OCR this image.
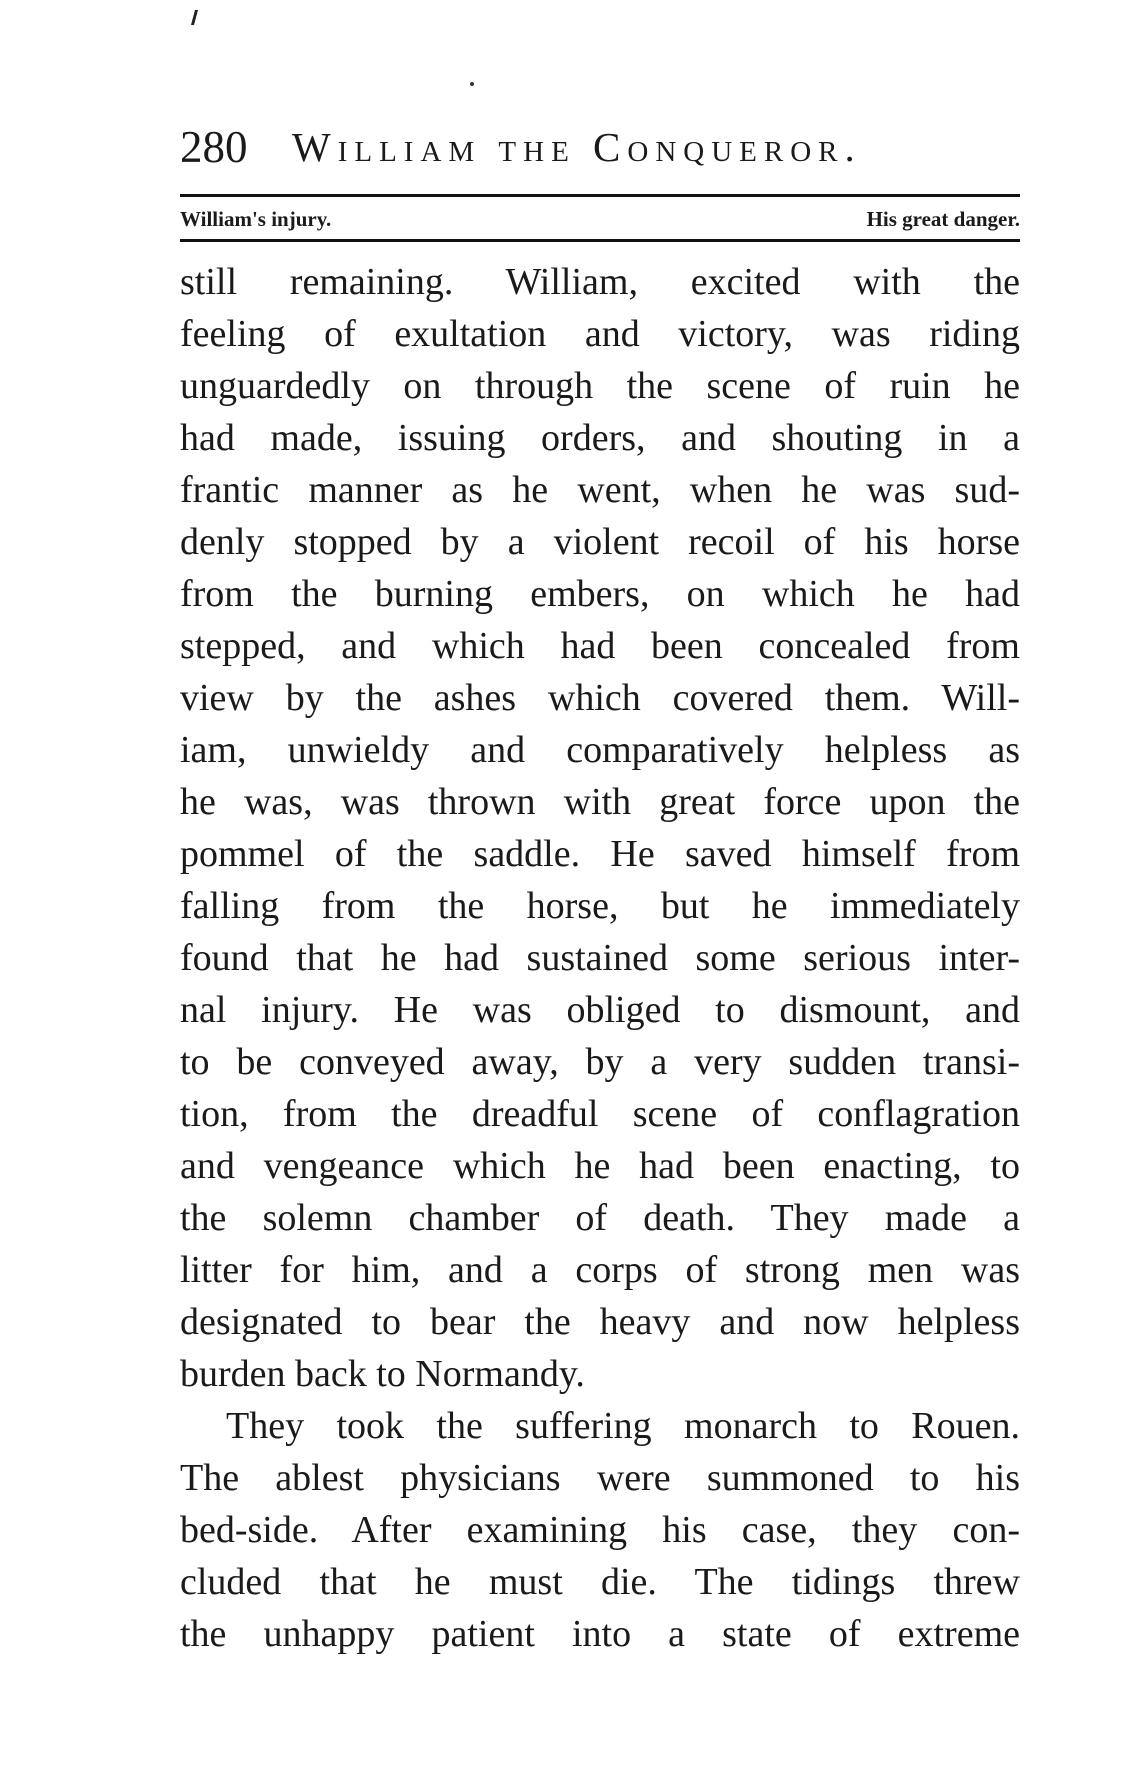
280 William the Conqueror.
William's injury.	His great danger.
still remaining. William, excited with the
feeling of exultation and victory, was riding
unguardedly on through the scene of ruin he
had made, issuing orders, and shouting in a
frantic manner as he went, when he was sud-
denly stopped by a violent recoil of his horse
from the burning embers, on which he had
stepped, and which had been concealed from
view by the ashes which covered them. Will-
iam, unwieldy and comparatively helpless as
he was, was thrown with great force upon the
pommel of the saddle. He saved himself from
falling from the horse, but he immediately
found that he had sustained some serious inter-
nal injury. He was obliged to dismount, and
to be conveyed away, by a very sudden transi-
tion, from the dreadful scene of conflagration
and vengeance which he had been enacting, to
the solemn chamber of death. They made a
litter for him, and a corps of strong men was
designated to bear the heavy and now helpless
burden back to Normandy.
They took the suffering monarch to Rouen.
The ablest physicians were summoned to his
bed-side. After examining his case, they con-
cluded that he must die. The tidings threw
the unhappy patient into a state of extreme
